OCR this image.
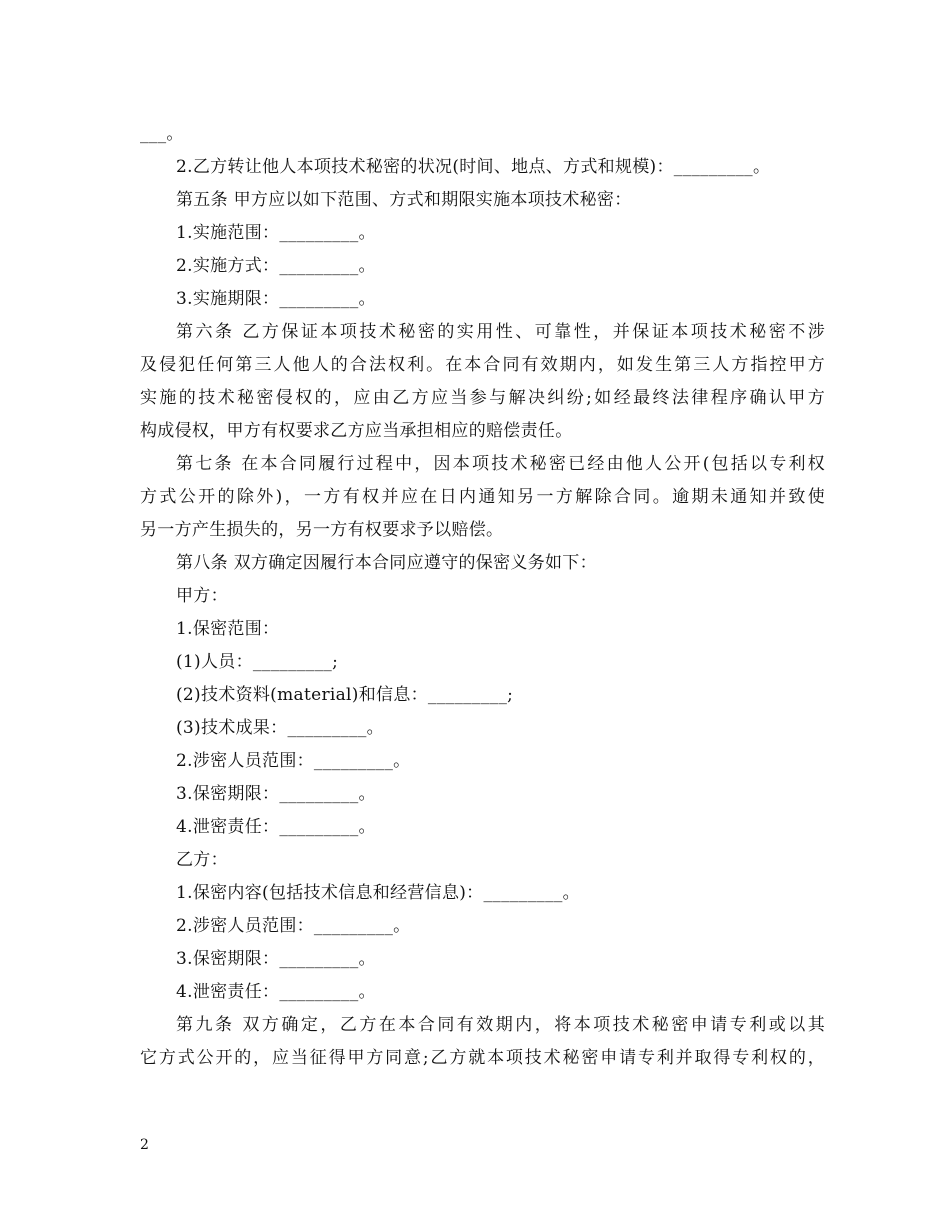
___。
2.乙方转让他人本项技术秘密的状况(时间、地点、方式和规模)：_________。
第五条 甲方应以如下范围、方式和期限实施本项技术秘密：
1.实施范围：_________。
2.实施方式：_________。
3.实施期限：_________。
第六条 乙方保证本项技术秘密的实用性、可靠性，并保证本项技术秘密不涉
及侵犯任何第三人他人的合法权利。在本合同有效期内，如发生第三人方指控甲方
实施的技术秘密侵权的，应由乙方应当参与解决纠纷;如经最终法律程序确认甲方
构成侵权，甲方有权要求乙方应当承担相应的赔偿责任。
第七条 在本合同履行过程中，因本项技术秘密已经由他人公开(包括以专利权
方式公开的除外)，一方有权并应在日内通知另一方解除合同。逾期未通知并致使
另一方产生损失的，另一方有权要求予以赔偿。
第八条 双方确定因履行本合同应遵守的保密义务如下：
甲方：
1.保密范围：
(1)人员：_________;
(2)技术资料(material)和信息：_________;
(3)技术成果：_________。
2.涉密人员范围：_________。
3.保密期限：_________。
4.泄密责任：_________。
乙方：
1.保密内容(包括技术信息和经营信息)：_________。
2.涉密人员范围：_________。
3.保密期限：_________。
4.泄密责任：_________。
第九条 双方确定，乙方在本合同有效期内，将本项技术秘密申请专利或以其
它方式公开的，应当征得甲方同意;乙方就本项技术秘密申请专利并取得专利权的，
2
